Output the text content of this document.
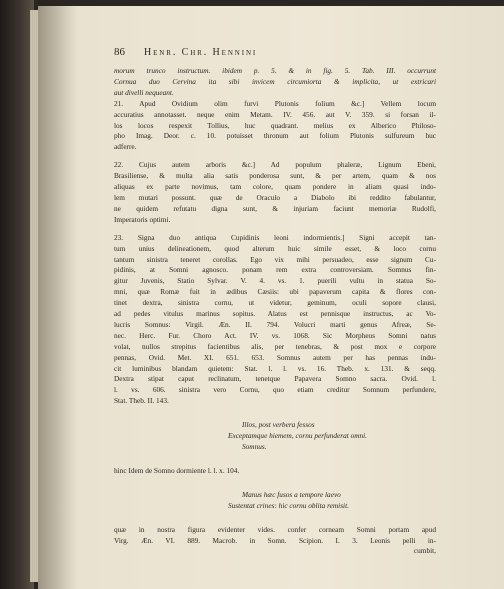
86 Henr. Chr. Hennini
morum trunco instructum. ibidem p. 5. & in fig. 5. Tab. III. occurrunt
Cornua duo Cervina ita sibi invicem circumiorta & implicita, ut extricari
aut divelli nequeant.
21. Apud Ovidium olim furvi Plutonis folium &c.] Vellem locum
accuratius annotasset. neque enim Metam. IV. 456. aut V. 359. si forsan il-
los locos respexit Tollius, huc quadrant. melius ex Alberico Philoso-
pho Imag. Deor. c. 10. potuisset thronum aut folium Plutonis sulfureum huc
adferre.
22. Cujus autem arboris &c.] Ad populum phaleræ, Lignum Ebeni,
Brasiliense, & multa alia satis ponderosa sunt, & per artem, quam & nos
aliquas ex parte novimus, tam colore, quam pondere in aliam quasi indo-
lem mutari possunt. quæ de Oraculo a Diabolo ibi reddito fabulantur,
ne quidem refutatu digna sunt, & injuriam faciunt memoriæ Rudolfi,
Imperatoris optimi.
23. Signa duo antiqua Cupidinis leoni indormientis.] Signi accepit tan-
tum unius delineationem, quod alterum huic simile esset, & loco cornu
tantum sinistra teneret corollas. Ego vix mihi persuadeo, esse signum Cu-
pidinis, at Somni agnosco. ponam rem extra controversiam. Somnus fin-
gitur Juvenis, Statio Sylvar. V. 4. vs. 1. puerili vultu in statua So-
mni, quæ Romæ fuit in ædibus Cæsiis: ubi papaverum capita & flores con-
tinet dextra, sinistra cornu, ut videtur, geminum, oculi sopore clausi,
ad pedes vitulus marinus sopitus. Alatus est pennisque instructus, ac Vo-
lucris Somnus: Virgil. Æn. II. 794. Volucri marti genus Afreæ, Se-
nec. Herc. Fur. Choro Act. IV. vs. 1068. Sic Morpheus Somni natus
volat, nullos strepitus facientibus alis, per tenebras, & post mox e corpore
pennas, Ovid. Met. XI. 651. 653. Somnus autem per has pennas indu-
cit luminibus blandam quietem: Stat. l. l. vs. 16. Theb. x. 131. & seqq.
Dextra stipat caput reclinatum, tenetque Papavera Somno sacra. Ovid. l.
l. vs. 606. sinistra vero Cornu, quo etiam creditur Somnum perfundere,
Stat. Theb. II. 143.
Illos, post verbera fessos
Exceptamque hiemem, cornu perfunderat omni.
Somnus.
hinc Idem de Somno dormiente l. l. x. 104.
Manus hæc fusos a tempore laevo
Sustentat crines: hic cornu oblita remisit.
quæ in nostra figura evidenter vides. confer corneam Somni portam apud
Virg. Æn. VI. 889. Macrob. in Somn. Scipion. I. 3. Leonis pelli in-
cumbit,
